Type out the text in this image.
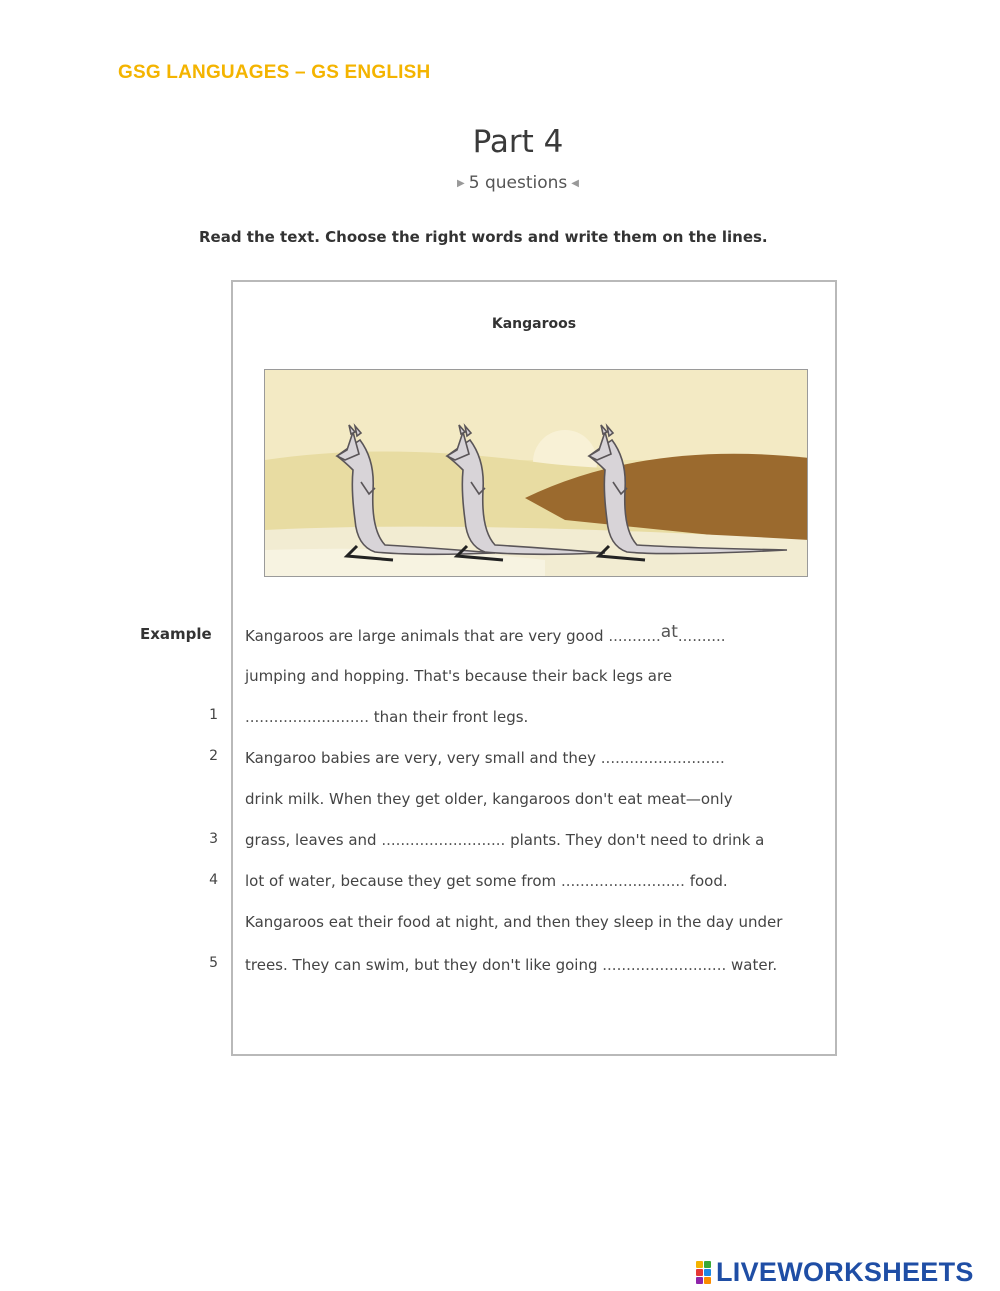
GSG LANGUAGES – GS ENGLISH
Part 4
▶ 5 questions ◀
Read the text. Choose the right words and write them on the lines.
Kangaroos
Example
1
2
3
4
5
Kangaroos are large animals that are very good ...........at..........
jumping and hopping. That's because their back legs are
.......................... than their front legs.
Kangaroo babies are very, very small and they ..........................
drink milk. When they get older, kangaroos don't eat meat—only
grass, leaves and .......................... plants. They don't need to drink a
lot of water, because they get some from .......................... food.
Kangaroos eat their food at night, and then they sleep in the day under
trees. They can swim, but they don't like going .......................... water.
LIVEWORKSHEETS
